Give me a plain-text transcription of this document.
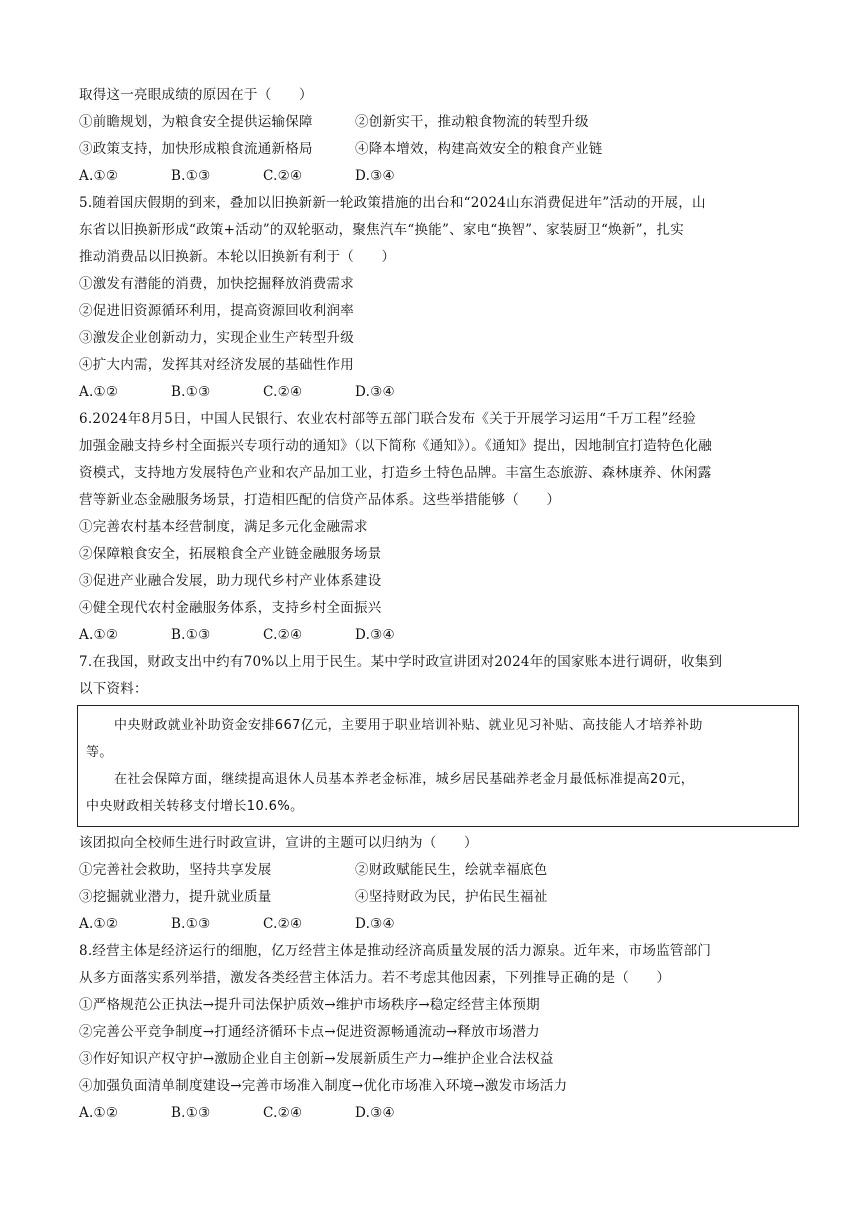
取得这一亮眼成绩的原因在于（　　）
①前瞻规划，为粮食安全提供运输保障	②创新实干，推动粮食物流的转型升级
③政策支持，加快形成粮食流通新格局	④降本增效，构建高效安全的粮食产业链
A.①②	B.①③	C.②④	D.③④
5.随着国庆假期的到来，叠加以旧换新新一轮政策措施的出台和“2024山东消费促进年”活动的开展，山
东省以旧换新形成“政策+活动”的双轮驱动，聚焦汽车“换能”、家电“换智”、家装厨卫“焕新”，扎实
推动消费品以旧换新。本轮以旧换新有利于（　　）
①激发有潜能的消费，加快挖掘释放消费需求
②促进旧资源循环利用，提高资源回收利润率
③激发企业创新动力，实现企业生产转型升级
④扩大内需，发挥其对经济发展的基础性作用
A.①②	B.①③	C.②④	D.③④
6.2024年8月5日，中国人民银行、农业农村部等五部门联合发布《关于开展学习运用“千万工程”经验
加强金融支持乡村全面振兴专项行动的通知》（以下简称《通知》）。《通知》提出，因地制宜打造特色化融
资模式，支持地方发展特色产业和农产品加工业，打造乡土特色品牌。丰富生态旅游、森林康养、休闲露
营等新业态金融服务场景，打造相匹配的信贷产品体系。这些举措能够（　　）
①完善农村基本经营制度，满足多元化金融需求
②保障粮食安全，拓展粮食全产业链金融服务场景
③促进产业融合发展，助力现代乡村产业体系建设
④健全现代农村金融服务体系，支持乡村全面振兴
A.①②	B.①③	C.②④	D.③④
7.在我国，财政支出中约有70%以上用于民生。某中学时政宣讲团对2024年的国家账本进行调研，收集到
以下资料：
中央财政就业补助资金安排667亿元，主要用于职业培训补贴、就业见习补贴、高技能人才培养补助
等。
在社会保障方面，继续提高退休人员基本养老金标准，城乡居民基础养老金月最低标准提高20元，
中央财政相关转移支付增长10.6%。
该团拟向全校师生进行时政宣讲，宣讲的主题可以归纳为（　　）
①完善社会救助，坚持共享发展	②财政赋能民生，绘就幸福底色
③挖掘就业潜力，提升就业质量	④坚持财政为民，护佑民生福祉
A.①②	B.①③	C.②④	D.③④
8.经营主体是经济运行的细胞，亿万经营主体是推动经济高质量发展的活力源泉。近年来，市场监管部门
从多方面落实系列举措，激发各类经营主体活力。若不考虑其他因素，下列推导正确的是（　　）
①严格规范公正执法→提升司法保护质效→维护市场秩序→稳定经营主体预期
②完善公平竞争制度→打通经济循环卡点→促进资源畅通流动→释放市场潜力
③作好知识产权守护→激励企业自主创新→发展新质生产力→维护企业合法权益
④加强负面清单制度建设→完善市场准入制度→优化市场准入环境→激发市场活力
A.①②	B.①③	C.②④	D.③④
